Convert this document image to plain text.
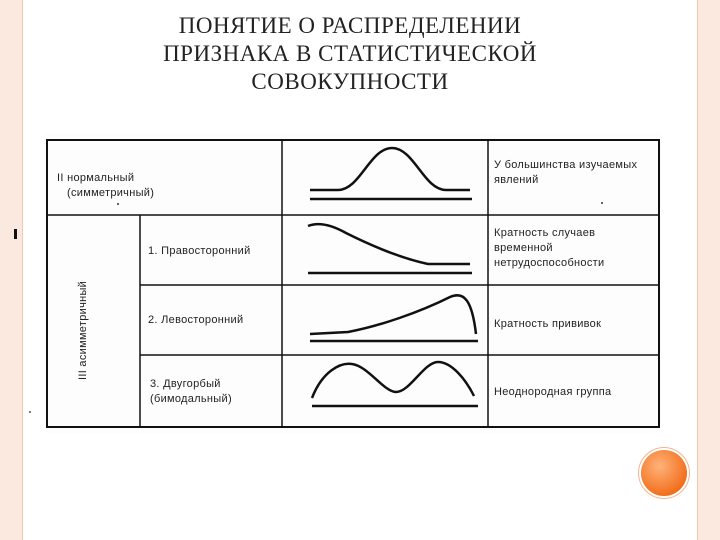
ПОНЯТИЕ О РАСПРЕДЕЛЕНИИ
ПРИЗНАКА В СТАТИСТИЧЕСКОЙ
СОВОКУПНОСТИ
II нормальный
(симметричный)
У большинства изучаемых
явлений
1. Правосторонний
Кратность случаев
временной
нетрудоспособности
2. Левосторонний	Кратность прививок
3. Двугорбый
(бимодальный)
Неоднородная группа
III асимметричный
